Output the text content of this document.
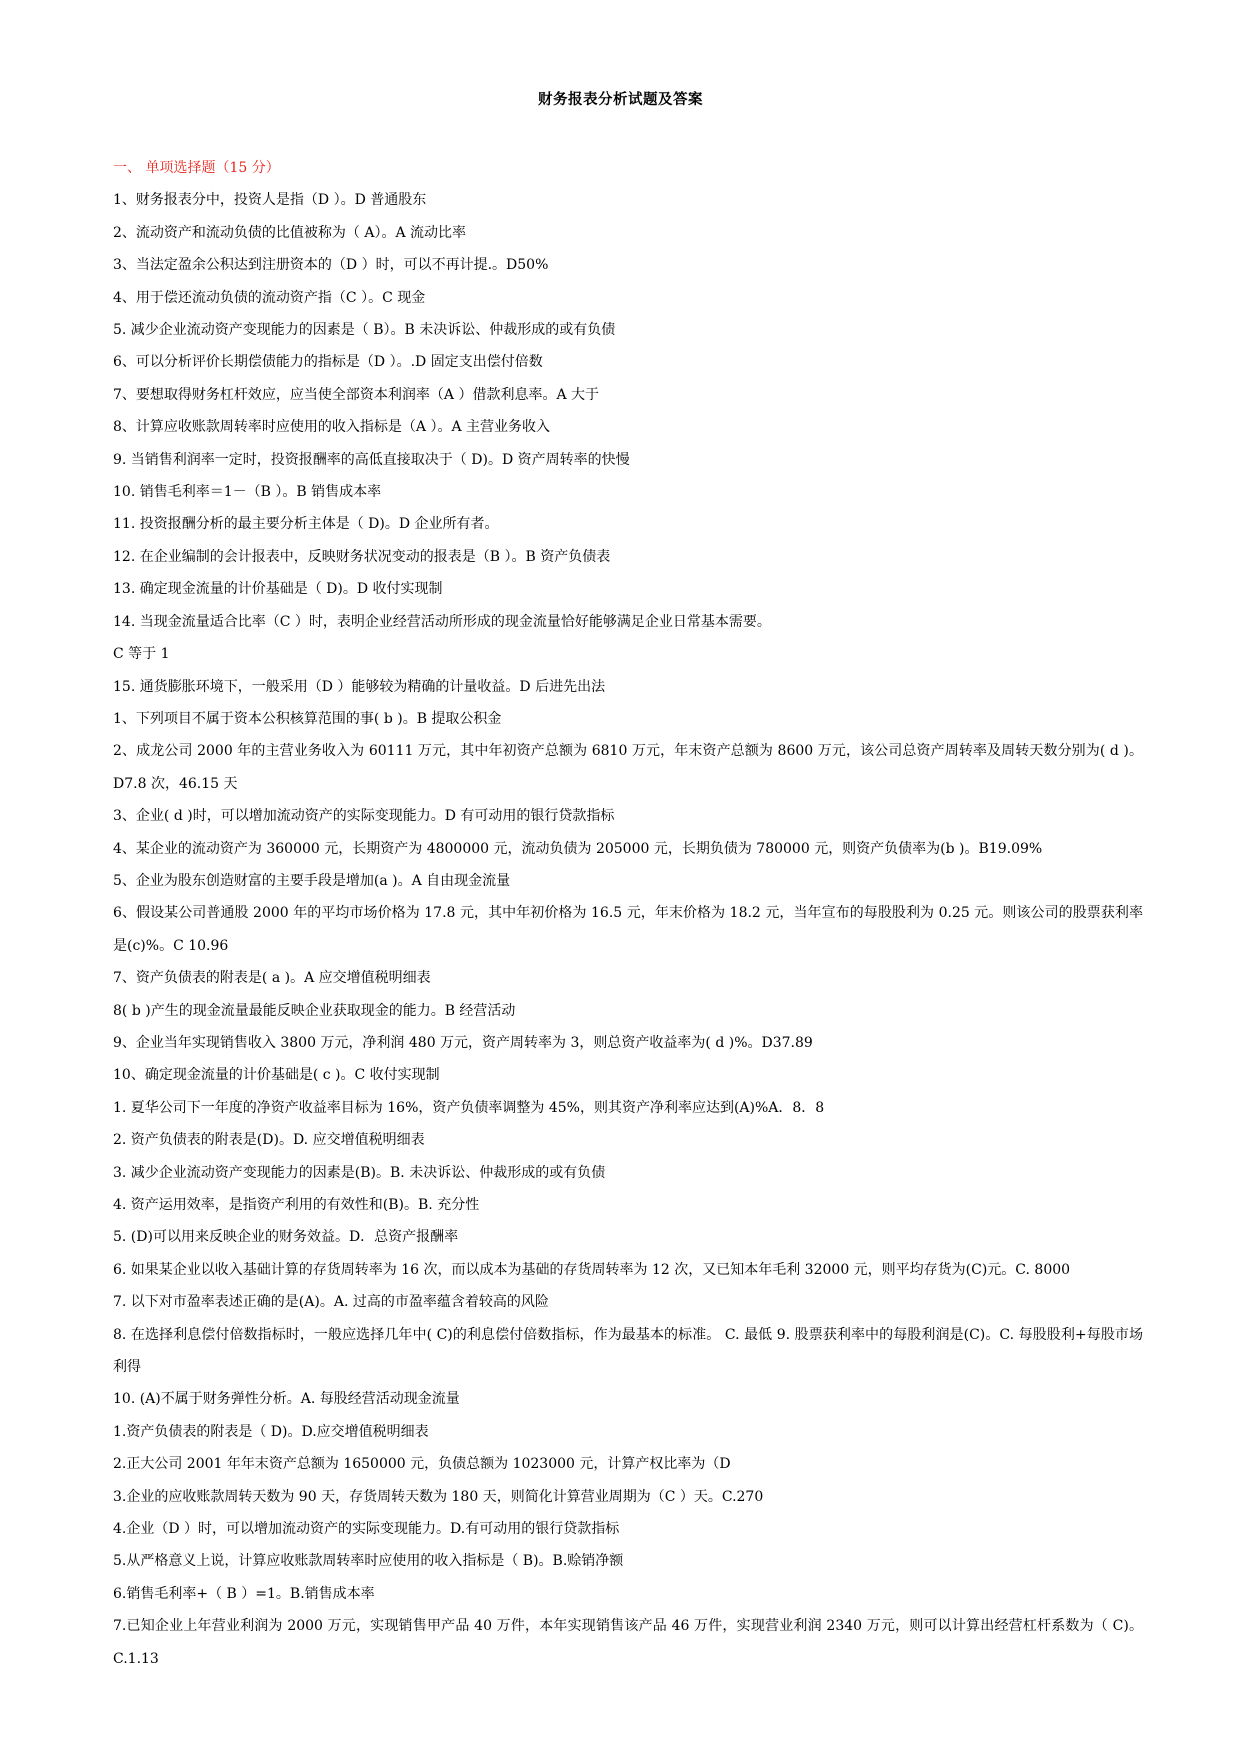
财务报表分析试题及答案
一、 单项选择题（15 分）
1、财务报表分中，投资人是指（D ）。D 普通股东
2、流动资产和流动负债的比值被称为（ A）。A 流动比率
3、当法定盈余公积达到注册资本的（D ）时，可以不再计提.。D50%
4、用于偿还流动负债的流动资产指（C ）。C 现金
5. 减少企业流动资产变现能力的因素是（ B）。B 未决诉讼、仲裁形成的或有负债
6、可以分析评价长期偿债能力的指标是（D ）。.D 固定支出偿付倍数
7、要想取得财务杠杆效应，应当使全部资本利润率（A ）借款利息率。A 大于
8、计算应收账款周转率时应使用的收入指标是（A ）。A 主营业务收入
9. 当销售利润率一定时，投资报酬率的高低直接取决于（ D)。D 资产周转率的快慢
10. 销售毛利率＝1－（B ）。B 销售成本率
11. 投资报酬分析的最主要分析主体是（ D)。D 企业所有者。
12. 在企业编制的会计报表中，反映财务状况变动的报表是（B ）。B 资产负债表
13. 确定现金流量的计价基础是（ D)。D 收付实现制
14. 当现金流量适合比率（C ）时，表明企业经营活动所形成的现金流量恰好能够满足企业日常基本需要。
C 等于 1
15. 通货膨胀环境下，一般采用（D ）能够较为精确的计量收益。D 后进先出法
1、下列项目不属于资本公积核算范围的事( b )。B 提取公积金
2、成龙公司 2000 年的主营业务收入为 60111 万元，其中年初资产总额为 6810 万元，年末资产总额为 8600 万元，该公司总资产周转率及周转天数分别为( d )。D7.8 次，46.15 天
3、企业( d )时，可以增加流动资产的实际变现能力。D 有可动用的银行贷款指标
4、某企业的流动资产为 360000 元，长期资产为 4800000 元，流动负债为 205000 元，长期负债为 780000 元，则资产负债率为(b )。B19.09%
5、企业为股东创造财富的主要手段是增加(a )。A 自由现金流量
6、假设某公司普通股 2000 年的平均市场价格为 17.8 元，其中年初价格为 16.5 元，年末价格为 18.2 元，当年宣布的每股股利为 0.25 元。则该公司的股票获利率是(c)%。C 10.96
7、资产负债表的附表是( a )。A 应交增值税明细表
8( b )产生的现金流量最能反映企业获取现金的能力。B 经营活动
9、企业当年实现销售收入 3800 万元，净利润 480 万元，资产周转率为 3，则总资产收益率为( d )%。D37.89
10、确定现金流量的计价基础是( c )。C 收付实现制
1. 夏华公司下一年度的净资产收益率目标为 16%，资产负债率调整为 45%，则其资产净利率应达到(A)%A．8．8
2. 资产负债表的附表是(D)。D. 应交增值税明细表
3. 减少企业流动资产变现能力的因素是(B)。B. 未决诉讼、仲裁形成的或有负债
4. 资产运用效率，是指资产利用的有效性和(B)。B. 充分性
5. (D)可以用来反映企业的财务效益。D．总资产报酬率
6. 如果某企业以收入基础计算的存货周转率为 16 次，而以成本为基础的存货周转率为 12 次，又已知本年毛利 32000 元，则平均存货为(C)元。C. 8000
7. 以下对市盈率表述正确的是(A)。A. 过高的市盈率蕴含着较高的风险
8. 在选择利息偿付倍数指标时，一般应选择几年中( C)的利息偿付倍数指标，作为最基本的标准。 C. 最低 9. 股票获利率中的每股利润是(C)。C. 每股股利+每股市场利得
10. (A)不属于财务弹性分析。A. 每股经营活动现金流量
1.资产负债表的附表是（ D)。D.应交增值税明细表
2.正大公司 2001 年年末资产总额为 1650000 元，负债总额为 1023000 元，计算产权比率为（D
3.企业的应收账款周转天数为 90 天，存货周转天数为 180 天，则简化计算营业周期为（C ）天。C.270
4.企业（D ）时，可以增加流动资产的实际变现能力。D.有可动用的银行贷款指标
5.从严格意义上说，计算应收账款周转率时应使用的收入指标是（ B)。B.赊销净额
6.销售毛利率+（ B ）=1。B.销售成本率
7.已知企业上年营业利润为 2000 万元，实现销售甲产品 40 万件，本年实现销售该产品 46 万件，实现营业利润 2340 万元，则可以计算出经营杠杆系数为（ C)。C.1.13
